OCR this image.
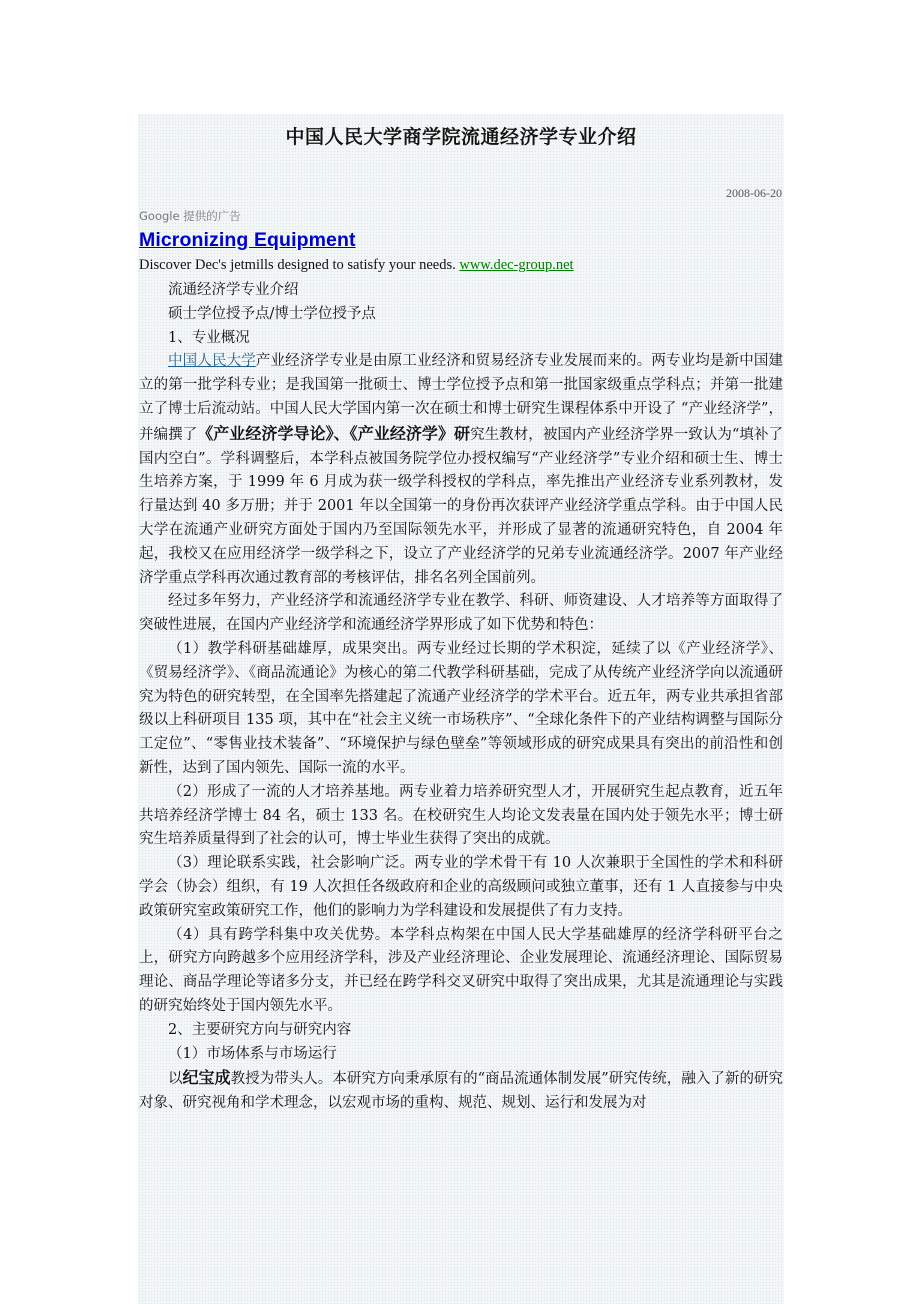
中国人民大学商学院流通经济学专业介绍
2008-06-20
Google 提供的广告
Micronizing Equipment
Discover Dec's jetmills designed to satisfy your needs. www.dec-group.net

流通经济学专业介绍

硕士学位授予点/博士学位授予点

1、专业概况

中国人民大学产业经济学专业是由原工业经济和贸易经济专业发展而来的。两专业均是新中国建立的第一批学科专业；是我国第一批硕士、博士学位授予点和第一批国家级重点学科点；并第一批建立了博士后流动站。中国人民大学国内第一次在硕士和博士研究生课程体系中开设了 “产业经济学”，并编撰了《产业经济学导论》、《产业经济学》研究生教材，被国内产业经济学界一致认为“填补了国内空白”。学科调整后，本学科点被国务院学位办授权编写“产业经济学”专业介绍和硕士生、博士生培养方案，于 1999 年 6 月成为获一级学科授权的学科点，率先推出产业经济专业系列教材，发行量达到 40 多万册；并于 2001 年以全国第一的身份再次获评产业经济学重点学科。由于中国人民大学在流通产业研究方面处于国内乃至国际领先水平，并形成了显著的流通研究特色，自 2004 年起，我校又在应用经济学一级学科之下，设立了产业经济学的兄弟专业流通经济学。2007 年产业经济学重点学科再次通过教育部的考核评估，排名名列全国前列。

经过多年努力，产业经济学和流通经济学专业在教学、科研、师资建设、人才培养等方面取得了突破性进展，在国内产业经济学和流通经济学界形成了如下优势和特色：

（1）教学科研基础雄厚，成果突出。两专业经过长期的学术积淀，延续了以《产业经济学》、《贸易经济学》、《商品流通论》为核心的第二代教学科研基础，完成了从传统产业经济学向以流通研究为特色的研究转型，在全国率先搭建起了流通产业经济学的学术平台。近五年，两专业共承担省部级以上科研项目 135 项，其中在“社会主义统一市场秩序”、“全球化条件下的产业结构调整与国际分工定位”、“零售业技术装备”、“环境保护与绿色壁垒”等领域形成的研究成果具有突出的前沿性和创新性，达到了国内领先、国际一流的水平。

（2）形成了一流的人才培养基地。两专业着力培养研究型人才，开展研究生起点教育，近五年共培养经济学博士 84 名，硕士 133 名。在校研究生人均论文发表量在国内处于领先水平；博士研究生培养质量得到了社会的认可，博士毕业生获得了突出的成就。

（3）理论联系实践，社会影响广泛。两专业的学术骨干有 10 人次兼职于全国性的学术和科研学会（协会）组织，有 19 人次担任各级政府和企业的高级顾问或独立董事，还有 1 人直接参与中央政策研究室政策研究工作，他们的影响力为学科建设和发展提供了有力支持。

（4）具有跨学科集中攻关优势。本学科点构架在中国人民大学基础雄厚的经济学科研平台之上，研究方向跨越多个应用经济学科，涉及产业经济理论、企业发展理论、流通经济理论、国际贸易理论、商品学理论等诸多分支，并已经在跨学科交叉研究中取得了突出成果，尤其是流通理论与实践的研究始终处于国内领先水平。

2、主要研究方向与研究内容

（1）市场体系与市场运行

以纪宝成教授为带头人。本研究方向秉承原有的“商品流通体制发展”研究传统，融入了新的研究对象、研究视角和学术理念，以宏观市场的重构、规范、规划、运行和发展为对
